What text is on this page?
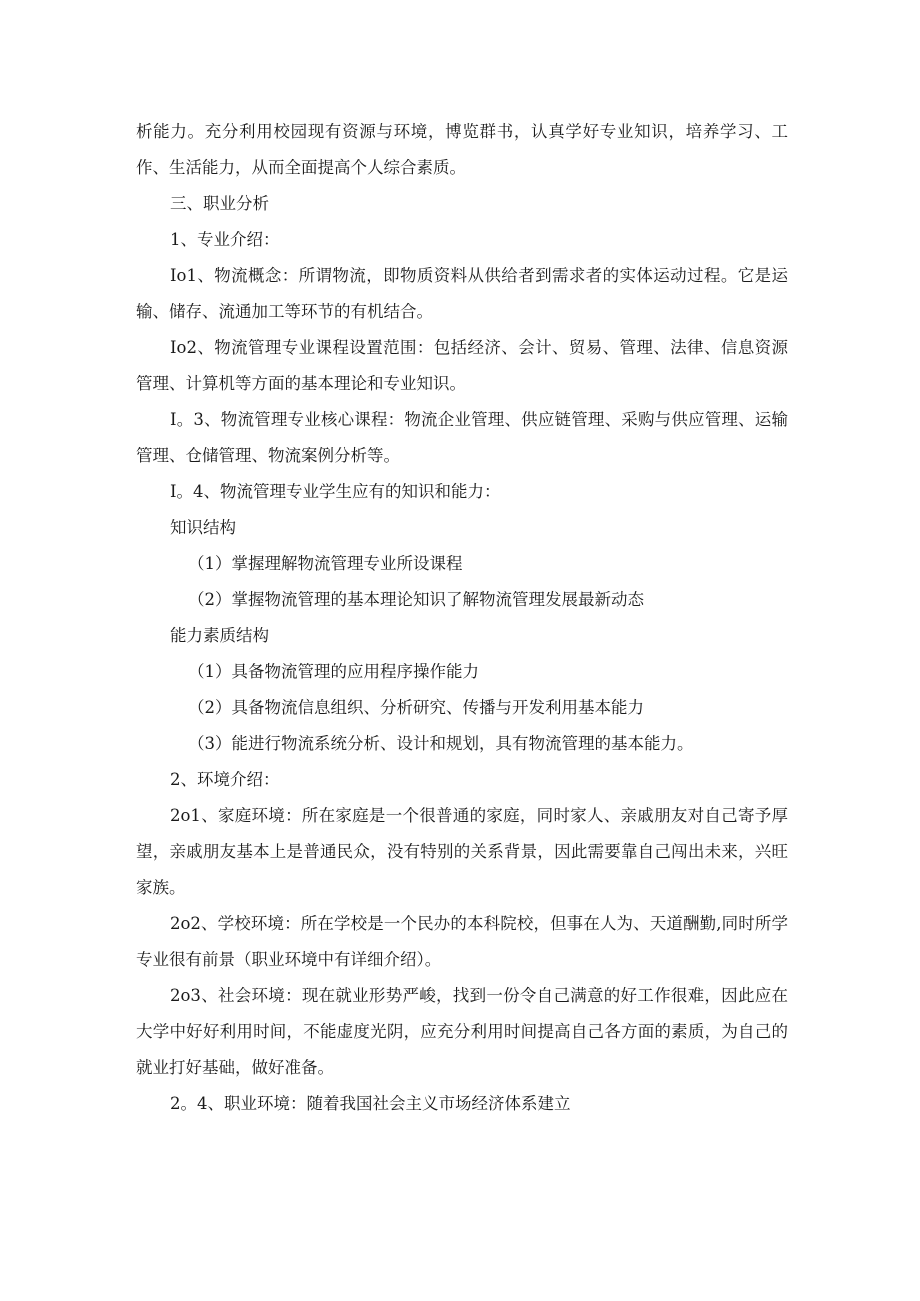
析能力。充分利用校园现有资源与环境，博览群书，认真学好专业知识，培养学习、工作、生活能力，从而全面提高个人综合素质。

三、职业分析

1、专业介绍：

Io1、物流概念：所谓物流，即物质资料从供给者到需求者的实体运动过程。它是运输、储存、流通加工等环节的有机结合。

Io2、物流管理专业课程设置范围：包括经济、会计、贸易、管理、法律、信息资源管理、计算机等方面的基本理论和专业知识。

I。3、物流管理专业核心课程：物流企业管理、供应链管理、采购与供应管理、运输管理、仓储管理、物流案例分析等。

I。4、物流管理专业学生应有的知识和能力：

知识结构

（1）掌握理解物流管理专业所设课程

（2）掌握物流管理的基本理论知识了解物流管理发展最新动态

能力素质结构

（1）具备物流管理的应用程序操作能力

（2）具备物流信息组织、分析研究、传播与开发利用基本能力

（3）能进行物流系统分析、设计和规划，具有物流管理的基本能力。

2、环境介绍：

2o1、家庭环境：所在家庭是一个很普通的家庭，同时家人、亲戚朋友对自己寄予厚望，亲戚朋友基本上是普通民众，没有特别的关系背景，因此需要靠自己闯出未来，兴旺家族。

2o2、学校环境：所在学校是一个民办的本科院校，但事在人为、天道酬勤,同时所学专业很有前景（职业环境中有详细介绍）。

2o3、社会环境：现在就业形势严峻，找到一份令自己满意的好工作很难，因此应在大学中好好利用时间，不能虚度光阴，应充分利用时间提高自己各方面的素质，为自己的就业打好基础，做好准备。

2。4、职业环境：随着我国社会主义市场经济体系建立
